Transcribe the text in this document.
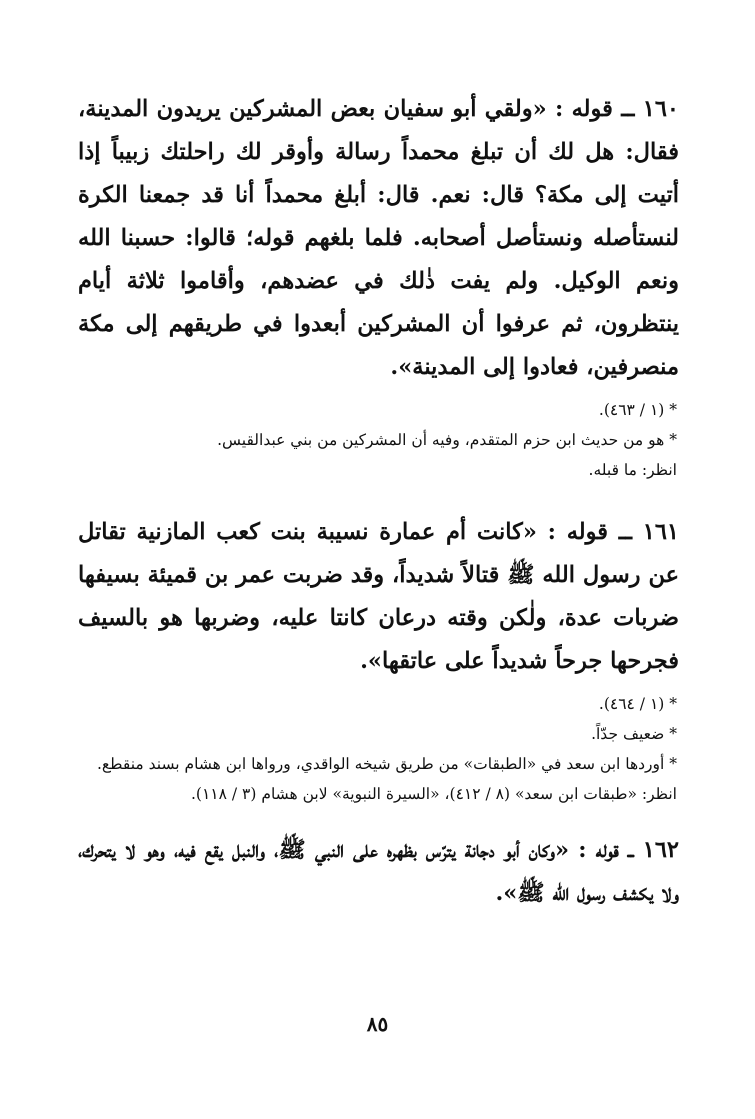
١٦٠ ــ قوله : «ولقي أبو سفيان بعض المشركين يريدون المدينة، فقال: هل لك أن تبلغ محمداً رسالة وأوقر لك راحلتك زبيباً إذا أتيت إلى مكة؟ قال: نعم. قال: أبلغ محمداً أنا قد جمعنا الكرة لنستأصله ونستأصل أصحابه. فلما بلغهم قوله؛ قالوا: حسبنا الله ونعم الوكيل. ولم يفت ذٰلك في عضدهم، وأقاموا ثلاثة أيام ينتظرون، ثم عرفوا أن المشركين أبعدوا في طريقهم إلى مكة منصرفين، فعادوا إلى المدينة».

* (١ / ٤٦٣).

* هو من حديث ابن حزم المتقدم، وفيه أن المشركين من بني عبدالقيس.

انظر: ما قبله.

١٦١ ــ قوله : «كانت أم عمارة نسيبة بنت كعب المازنية تقاتل عن رسول الله ﷺ قتالاً شديداً، وقد ضربت عمر بن قميئة بسيفها ضربات عدة، ولٰكن وقته درعان كانتا عليه، وضربها هو بالسيف فجرحها جرحاً شديداً على عاتقها».

* (١ / ٤٦٤).

* ضعيف جدّاً.

* أوردها ابن سعد في «الطبقات» من طريق شيخه الواقدي، ورواها ابن هشام بسند منقطع.

انظر: «طبقات ابن سعد» (٨ / ٤١٢)، «السيرة النبوية» لابن هشام (٣ / ١١٨).

١٦٢ ــ قوله : «وكان أبو دجانة يترّس بظهره على النبي ﷺ، والنبل يقع فيه، وهو لا يتحرك، ولا يكشف رسول الله ﷺ».

٨٥
